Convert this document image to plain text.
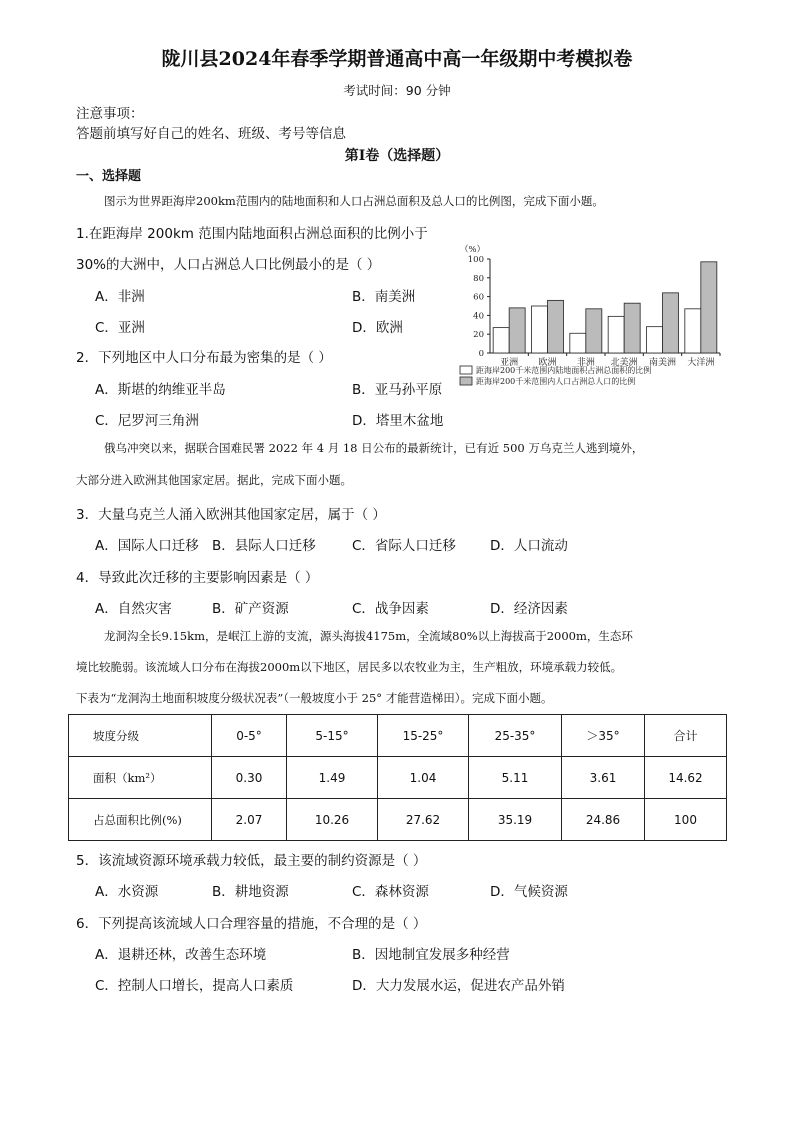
陇川县2024年春季学期普通高中高一年级期中考模拟卷
考试时间：90 分钟
注意事项：
答题前填写好自己的姓名、班级、考号等信息
第Ⅰ卷（选择题）
一、选择题
图示为世界距海岸200km范围内的陆地面积和人口占洲总面积及总人口的比例图，完成下面小题。
1.在距海岸 200km 范围内陆地面积占洲总面积的比例小于
30%的大洲中，人口占洲总人口比例最小的是（ ）
A．非洲	B．南美洲
C．亚洲	D．欧洲
2．下列地区中人口分布最为密集的是（ ）
A．斯堪的纳维亚半岛	B．亚马孙平原
C．尼罗河三角洲	D．塔里木盆地
（%）
0
20
40
60
80
100
亚洲 欧洲 非洲 北美洲 南美洲 大洋洲
距海岸200千米范围内陆地面积占洲总面积的比例
距海岸200千米范围内人口占洲总人口的比例
俄乌冲突以来，据联合国难民署 2022 年 4 月 18 日公布的最新统计，已有近 500 万乌克兰人逃到境外，
大部分进入欧洲其他国家定居。据此，完成下面小题。
3．大量乌克兰人涌入欧洲其他国家定居，属于（ ）
A．国际人口迁移 B．县际人口迁移	C．省际人口迁移	D．人口流动
4．导致此次迁移的主要影响因素是（ ）
A．自然灾害	B．矿产资源	C．战争因素	D．经济因素
龙洞沟全长9.15km，是岷江上游的支流，源头海拔4175m，全流域80%以上海拔高于2000m，生态环
境比较脆弱。该流域人口分布在海拔2000m以下地区，居民多以农牧业为主，生产粗放，环境承载力较低。
下表为“龙洞沟土地面积坡度分级状况表”（一般坡度小于 25° 才能营造梯田）。完成下面小题。
坡度分级	0-5°	5-15°	15-25°	25-35°	＞35°	合计
面积（km²）	0.30	1.49	1.04	5.11	3.61	14.62
占总面积比例(%)	2.07	10.26	27.62	35.19	24.86	100
5．该流域资源环境承载力较低，最主要的制约资源是（ ）
A．水资源	B．耕地资源	C．森林资源	D．气候资源
6．下列提高该流域人口合理容量的措施，不合理的是（ ）
A．退耕还林，改善生态环境	B．因地制宜发展多种经营
C．控制人口增长，提高人口素质	D．大力发展水运，促进农产品外销
